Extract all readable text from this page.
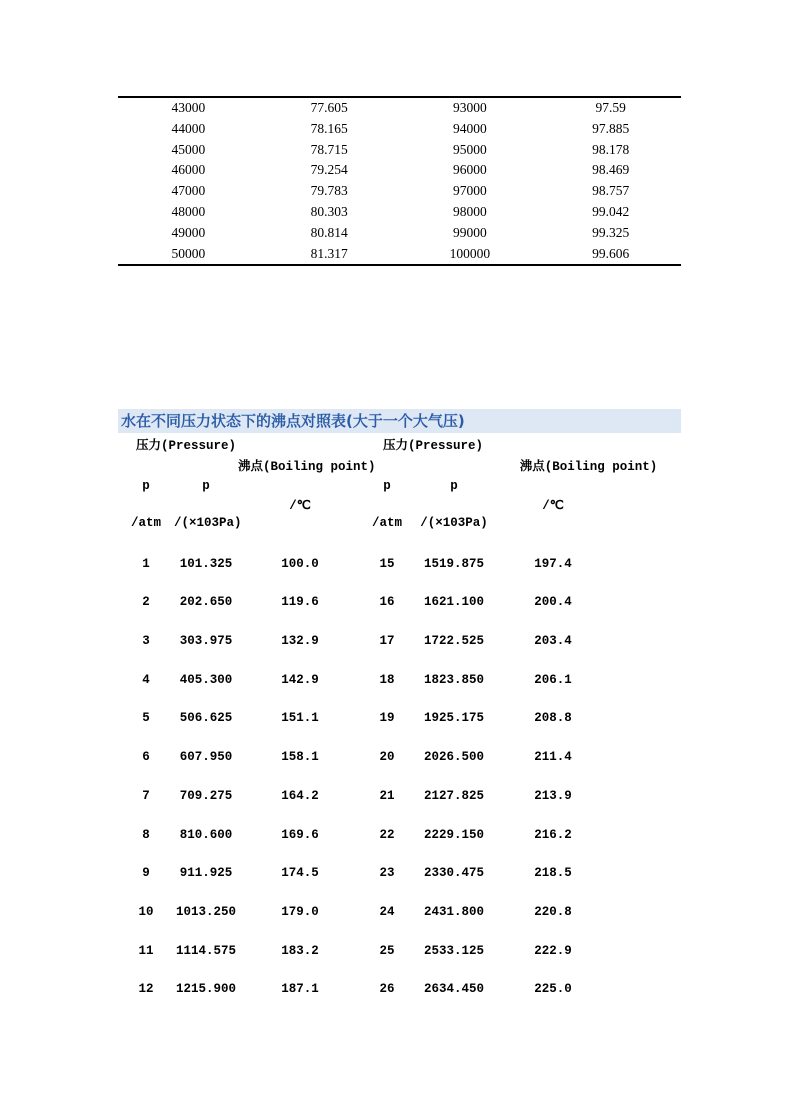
43000	77.605	93000	97.59
44000	78.165	94000	97.885
45000	78.715	95000	98.178
46000	79.254	96000	98.469
47000	79.783	97000	98.757
48000	80.303	98000	99.042
49000	80.814	99000	99.325
50000	81.317	100000	99.606
水在不同压力状态下的沸点对照表(大于一个大气压)
压力(Pressure)	压力(Pressure)
沸点(Boiling point)	沸点(Boiling point)
p	p	p	p
/℃	/℃
/atm	/(×103Pa)	/atm	/(×103Pa)
1	101.325	100.0	15	1519.875	197.4
2	202.650	119.6	16	1621.100	200.4
3	303.975	132.9	17	1722.525	203.4
4	405.300	142.9	18	1823.850	206.1
5	506.625	151.1	19	1925.175	208.8
6	607.950	158.1	20	2026.500	211.4
7	709.275	164.2	21	2127.825	213.9
8	810.600	169.6	22	2229.150	216.2
9	911.925	174.5	23	2330.475	218.5
10	1013.250	179.0	24	2431.800	220.8
11	1114.575	183.2	25	2533.125	222.9
12	1215.900	187.1	26	2634.450	225.0
